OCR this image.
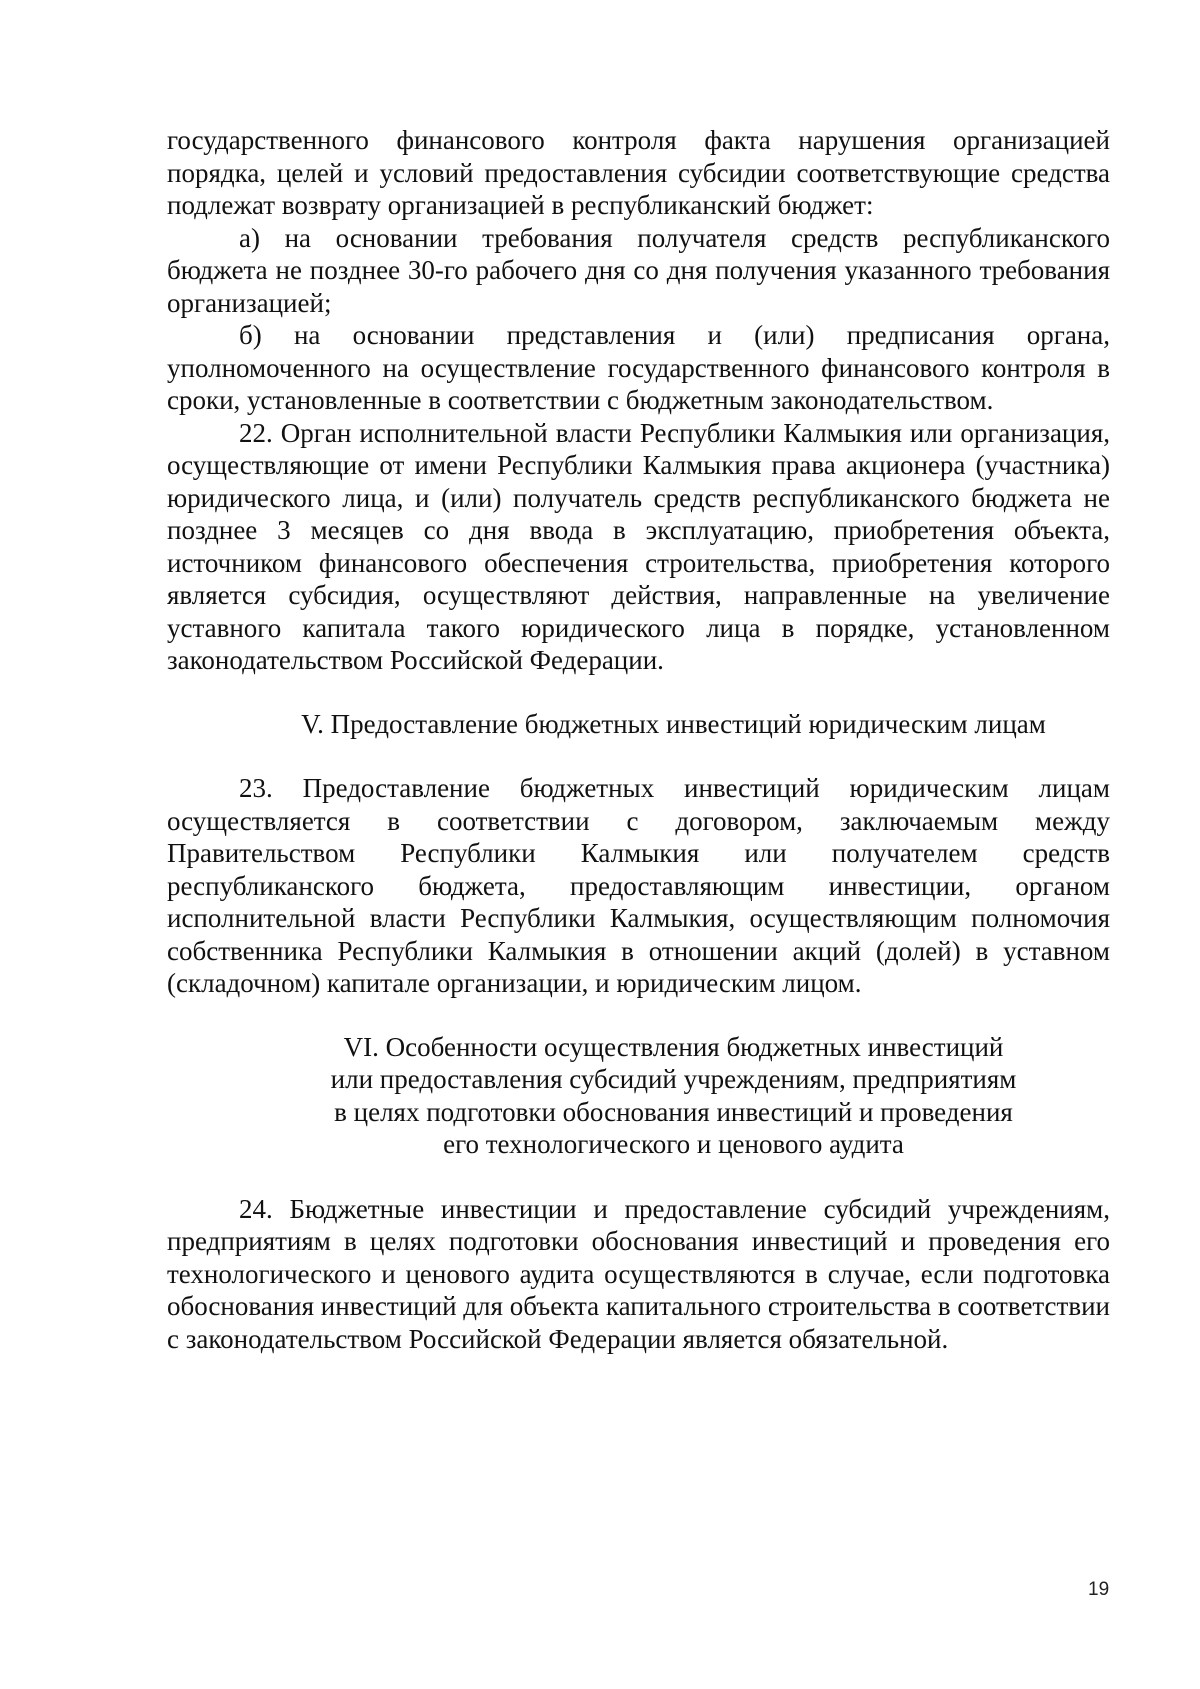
государственного финансового контроля факта нарушения организацией порядка, целей и условий предоставления субсидии соответствующие средства подлежат возврату организацией в республиканский бюджет:

а) на основании требования получателя средств республиканского бюджета не позднее 30-го рабочего дня со дня получения указанного требования организацией;

б) на основании представления и (или) предписания органа, уполномоченного на осуществление государственного финансового контроля в сроки, установленные в соответствии с бюджетным законодательством.

22. Орган исполнительной власти Республики Калмыкия или организация, осуществляющие от имени Республики Калмыкия права акционера (участника) юридического лица, и (или) получатель средств республиканского бюджета не позднее 3 месяцев со дня ввода в эксплуатацию, приобретения объекта, источником финансового обеспечения строительства, приобретения которого является субсидия, осуществляют действия, направленные на увеличение уставного капитала такого юридического лица в порядке, установленном законодательством Российской Федерации.

V. Предоставление бюджетных инвестиций юридическим лицам

23. Предоставление бюджетных инвестиций юридическим лицам осуществляется в соответствии с договором, заключаемым между Правительством Республики Калмыкия или получателем средств республиканского бюджета, предоставляющим инвестиции, органом исполнительной власти Республики Калмыкия, осуществляющим полномочия собственника Республики Калмыкия в отношении акций (долей) в уставном (складочном) капитале организации, и юридическим лицом.

VI. Особенности осуществления бюджетных инвестиций
или предоставления субсидий учреждениям, предприятиям
в целях подготовки обоснования инвестиций и проведения
его технологического и ценового аудита

24. Бюджетные инвестиции и предоставление субсидий учреждениям, предприятиям в целях подготовки обоснования инвестиций и проведения его технологического и ценового аудита осуществляются в случае, если подготовка обоснования инвестиций для объекта капитального строительства в соответствии с законодательством Российской Федерации является обязательной.

19
